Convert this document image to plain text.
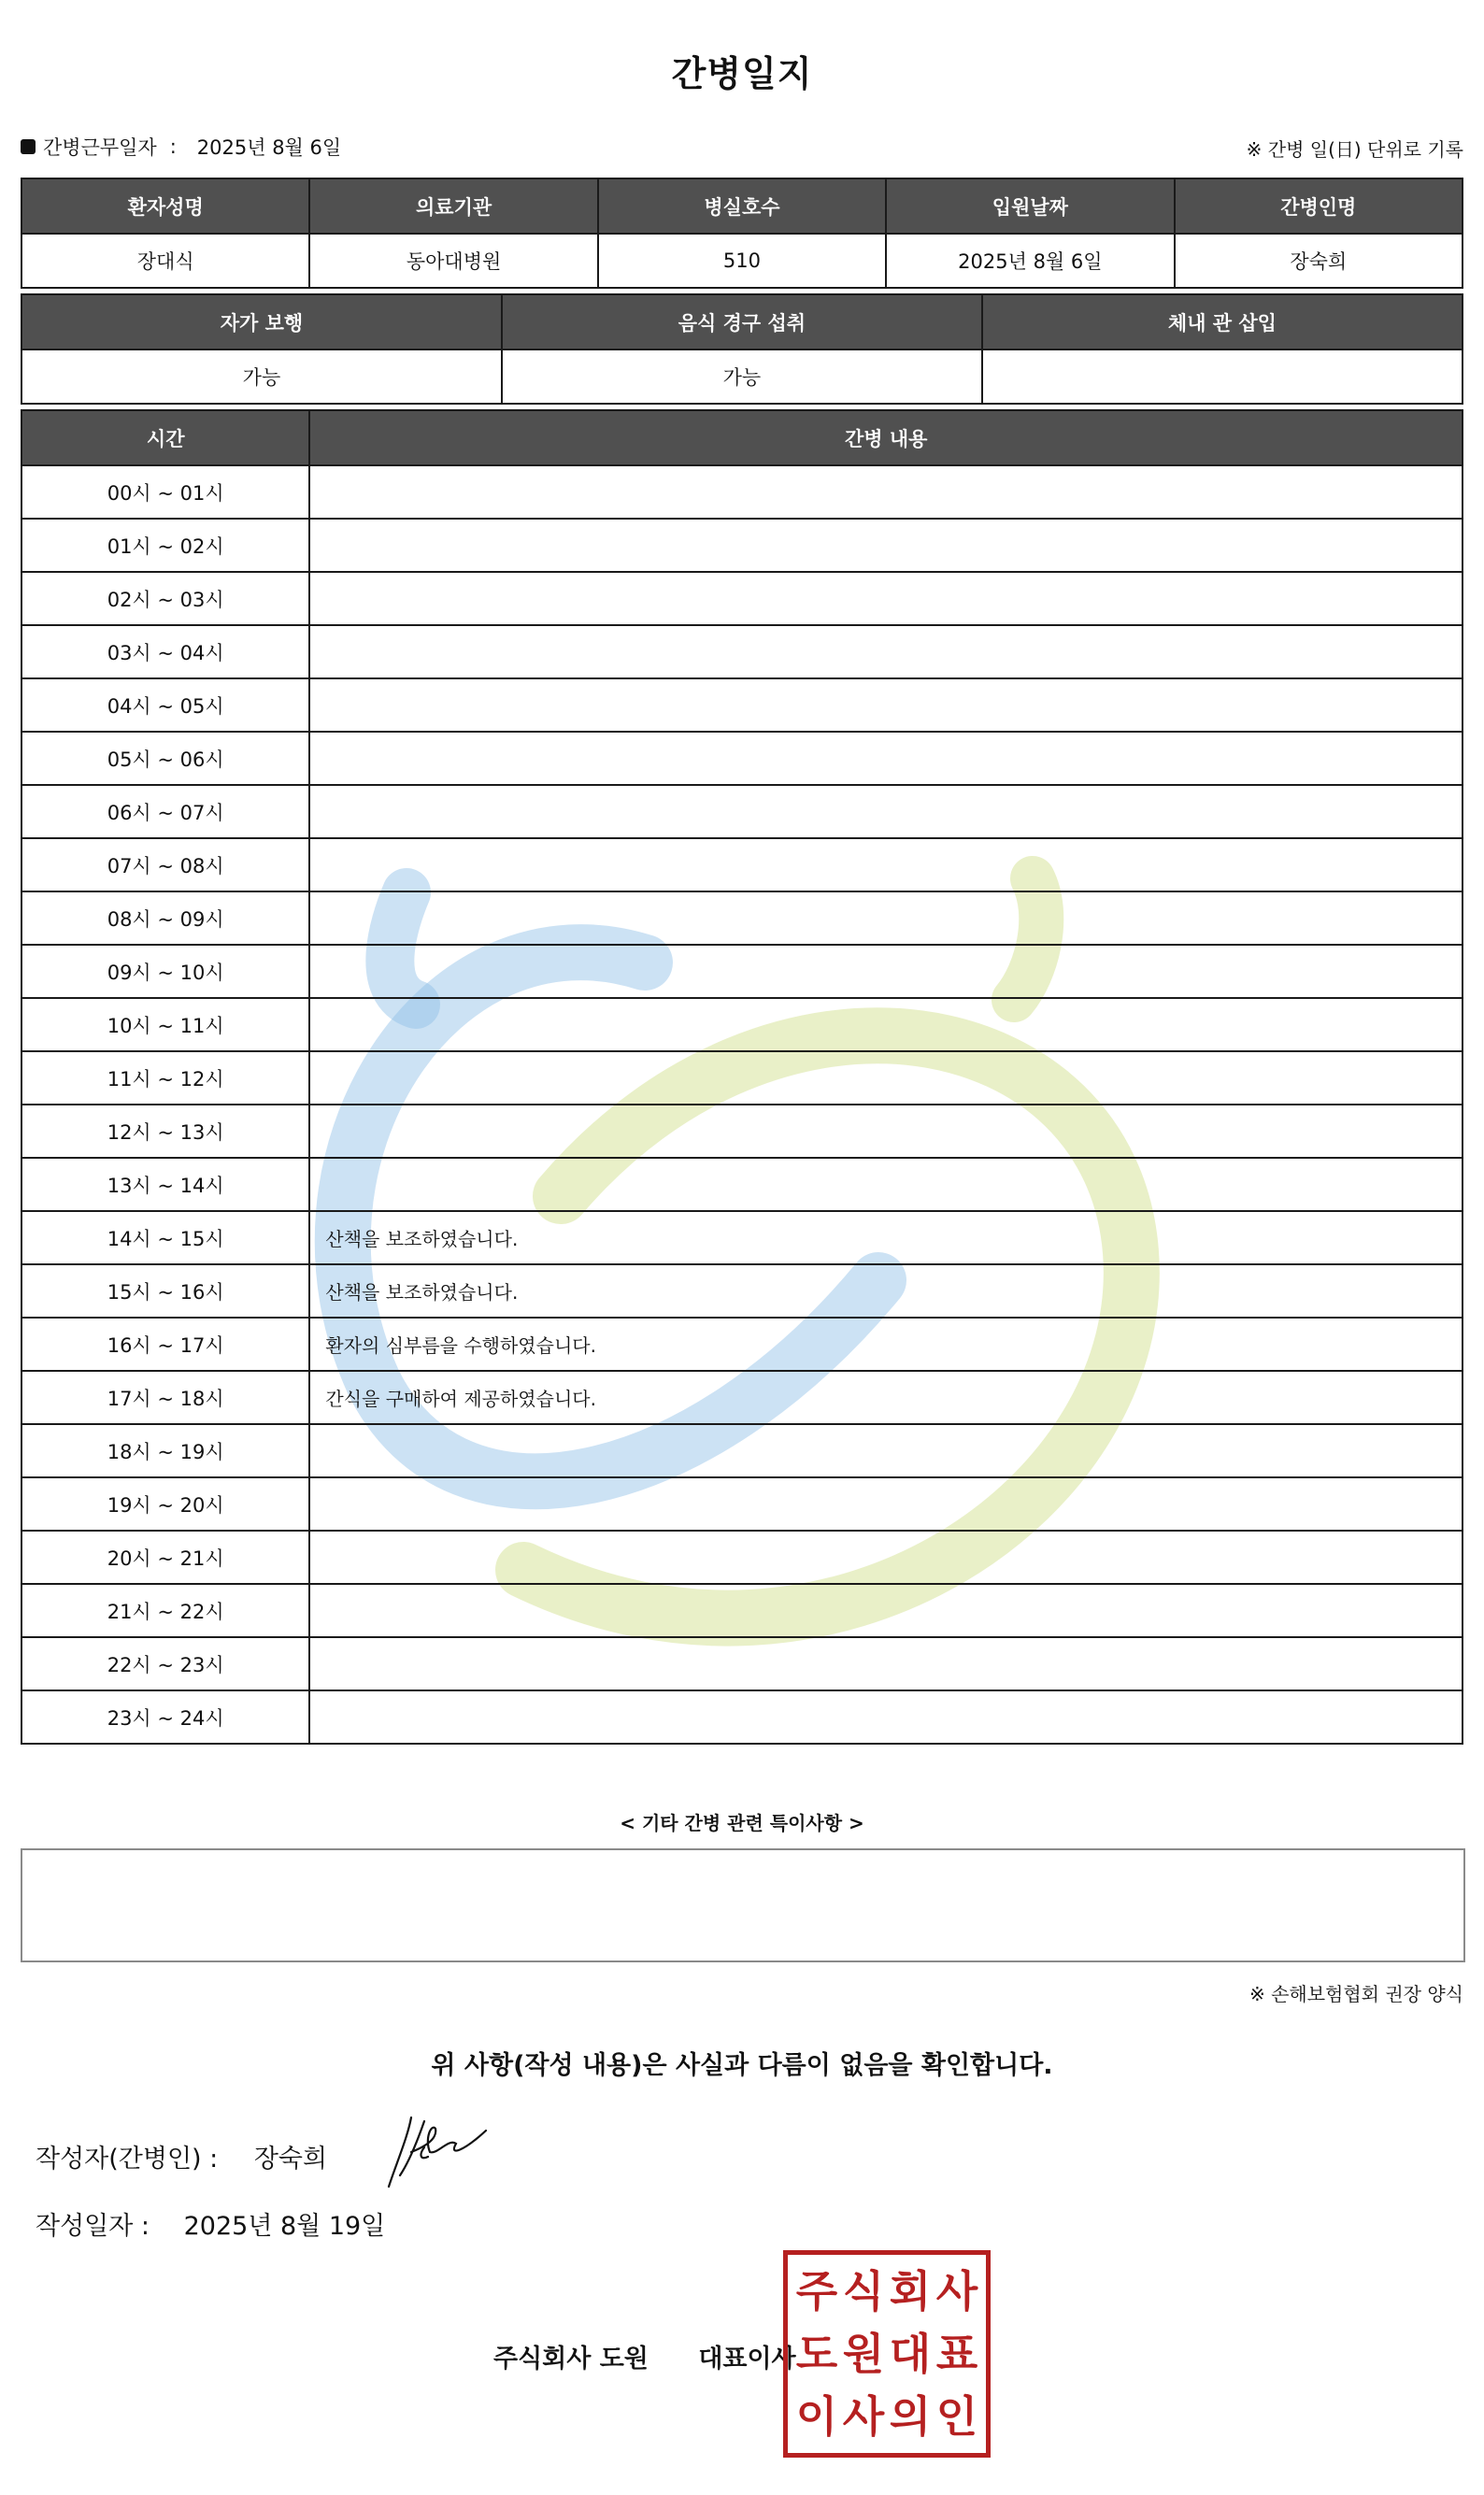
간병일지
간병근무일자 : 2025년 8월 6일	※ 간병 일(日) 단위로 기록
환자성명	의료기관	병실호수	입원날짜	간병인명
장대식	동아대병원	510	2025년 8월 6일	장숙희
자가 보행	음식 경구 섭취	체내 관 삽입
가능	가능	
시간	간병 내용
00시 ~ 01시	
01시 ~ 02시	
02시 ~ 03시	
03시 ~ 04시	
04시 ~ 05시	
05시 ~ 06시	
06시 ~ 07시	
07시 ~ 08시	
08시 ~ 09시	
09시 ~ 10시	
10시 ~ 11시	
11시 ~ 12시	
12시 ~ 13시	
13시 ~ 14시	
14시 ~ 15시	산책을 보조하였습니다.
15시 ~ 16시	산책을 보조하였습니다.
16시 ~ 17시	환자의 심부름을 수행하였습니다.
17시 ~ 18시	간식을 구매하여 제공하였습니다.
18시 ~ 19시	
19시 ~ 20시	
20시 ~ 21시	
21시 ~ 22시	
22시 ~ 23시	
23시 ~ 24시	
< 기타 간병 관련 특이사항 >
※ 손해보험협회 권장 양식
위 사항(작성 내용)은 사실과 다름이 없음을 확인합니다.
작성자(간병인) : 장숙희
작성일자 : 2025년 8월 19일
주식회사 도원 대표이사
주 식 회 사
도 원 대 표
이 사 의 인
